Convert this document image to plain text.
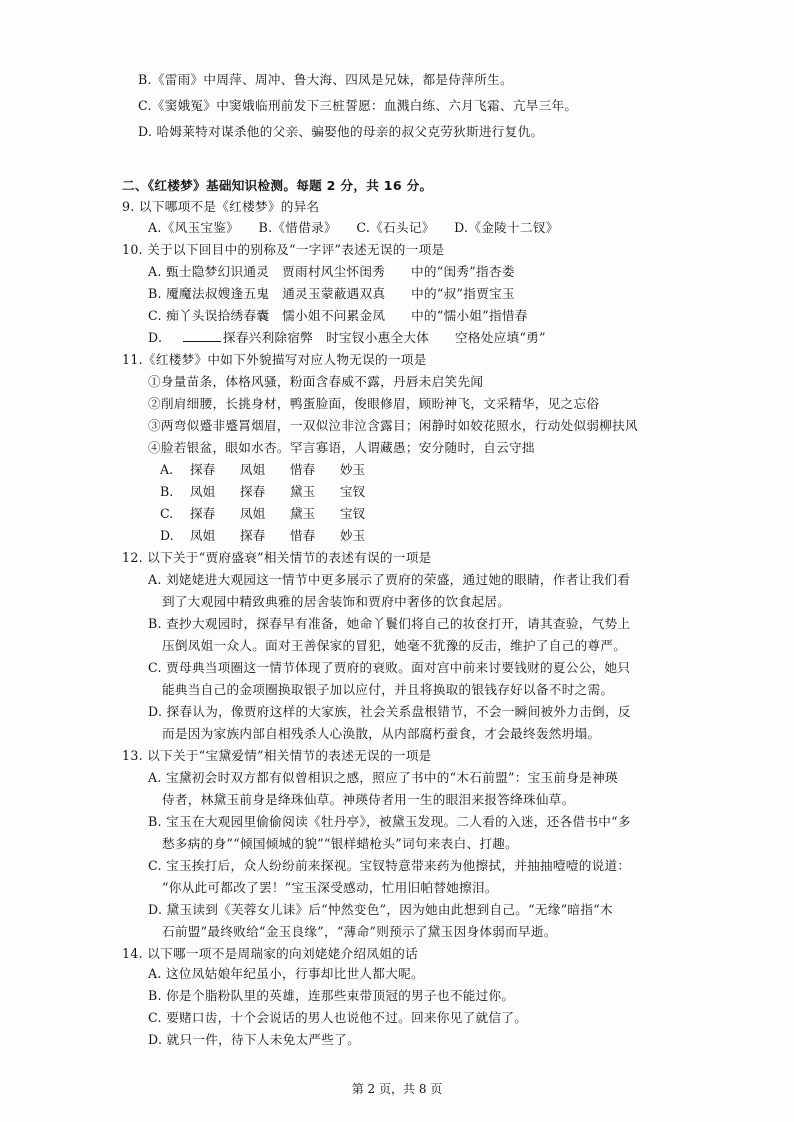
B.《雷雨》中周萍、周冲、鲁大海、四凤是兄妹，都是侍萍所生。
C.《窦娥冤》中窦娥临刑前发下三桩誓愿：血溅白练、六月飞霜、亢旱三年。
D. 哈姆莱特对谋杀他的父亲、骗娶他的母亲的叔父克劳狄斯进行复仇。
二、《红楼梦》基础知识检测。每题 2 分，共 16 分。
9. 以下哪项不是《红楼梦》的异名
A.《风玉宝鉴》　　B.《惜借录》　　C.《石头记》　　D.《金陵十二钗》
10. 关于以下回目中的别称及“一字评”表述无误的一项是
A. 甄士隐梦幻识通灵　贾雨村风尘怀闺秀　　中的“闺秀”指杏娄
B. 魇魔法叔嫂逢五鬼　通灵玉蒙蔽遇双真　　中的“叔”指贾宝玉
C. 痴丫头误拾绣春囊　懦小姐不问累金凤　　中的“懦小姐”指惜春
D.	探春兴利除宿弊　时宝钗小惠全大体　　空格处应填“勇”
11.《红楼梦》中如下外貌描写对应人物无误的一项是
①身量苗条，体格风骚，粉面含春威不露，丹唇未启笑先闻
②削肩细腰，长挑身材，鸭蛋脸面，俊眼修眉，顾盼神飞，文采精华，见之忘俗
③两弯似蹙非蹙罥烟眉，一双似泣非泣含露目；闲静时如姣花照水，行动处似弱柳扶风
④脸若银盆，眼如水杏。罕言寡语，人谓藏愚；安分随时，自云守拙
A. 探春 凤姐 惜春 妙玉
B. 凤姐 探春 黛玉 宝钗
C. 探春 凤姐 黛玉 宝钗
D. 凤姐 探春 惜春 妙玉
12. 以下关于“贾府盛衰”相关情节的表述有误的一项是
A. 刘姥姥进大观园这一情节中更多展示了贾府的荣盛，通过她的眼睛，作者让我们看
到了大观园中精致典雅的居舍装饰和贾府中奢侈的饮食起居。
B. 查抄大观园时，探春早有准备，她命丫鬟们将自己的妆奁打开，请其查验，气势上
压倒凤姐一众人。面对王善保家的冒犯，她毫不犹豫的反击，维护了自己的尊严。
C. 贾母典当项圈这一情节体现了贾府的衰败。面对宫中前来讨要钱财的夏公公，她只
能典当自己的金项圈换取银子加以应付，并且将换取的银钱存好以备不时之需。
D. 探春认为，像贾府这样的大家族，社会关系盘根错节，不会一瞬间被外力击倒，反
而是因为家族内部自相残杀人心涣散，从内部腐朽蚕食，才会最终轰然坍塌。
13. 以下关于“宝黛爱情”相关情节的表述无误的一项是
A. 宝黛初会时双方都有似曾相识之感，照应了书中的“木石前盟”：宝玉前身是神瑛
侍者，林黛玉前身是绛珠仙草。神瑛侍者用一生的眼泪来报答绛珠仙草。
B. 宝玉在大观园里偷偷阅读《牡丹亭》，被黛玉发现。二人看的入迷，还各借书中“多
愁多病的身”“倾国倾城的貌”“银样蜡枪头”词句来表白、打趣。
C. 宝玉挨打后，众人纷纷前来探视。宝钗特意带来药为他擦拭，并抽抽噎噎的说道：
“你从此可都改了罢！”宝玉深受感动，忙用旧帕替她擦泪。
D. 黛玉读到《芙蓉女儿诔》后“忡然变色”，因为她由此想到自己。“无缘”暗指“木
石前盟”最终败给“金玉良缘”，“薄命”则预示了黛玉因身体弱而早逝。
14. 以下哪一项不是周瑞家的向刘姥姥介绍凤姐的话
A. 这位凤姑娘年纪虽小，行事却比世人都大呢。
第 2 页，共 8 页
B. 你是个脂粉队里的英雄，连那些束带顶冠的男子也不能过你。
C. 要赌口齿，十个会说话的男人也说他不过。回来你见了就信了。
D. 就只一件，待下人未免太严些了。
